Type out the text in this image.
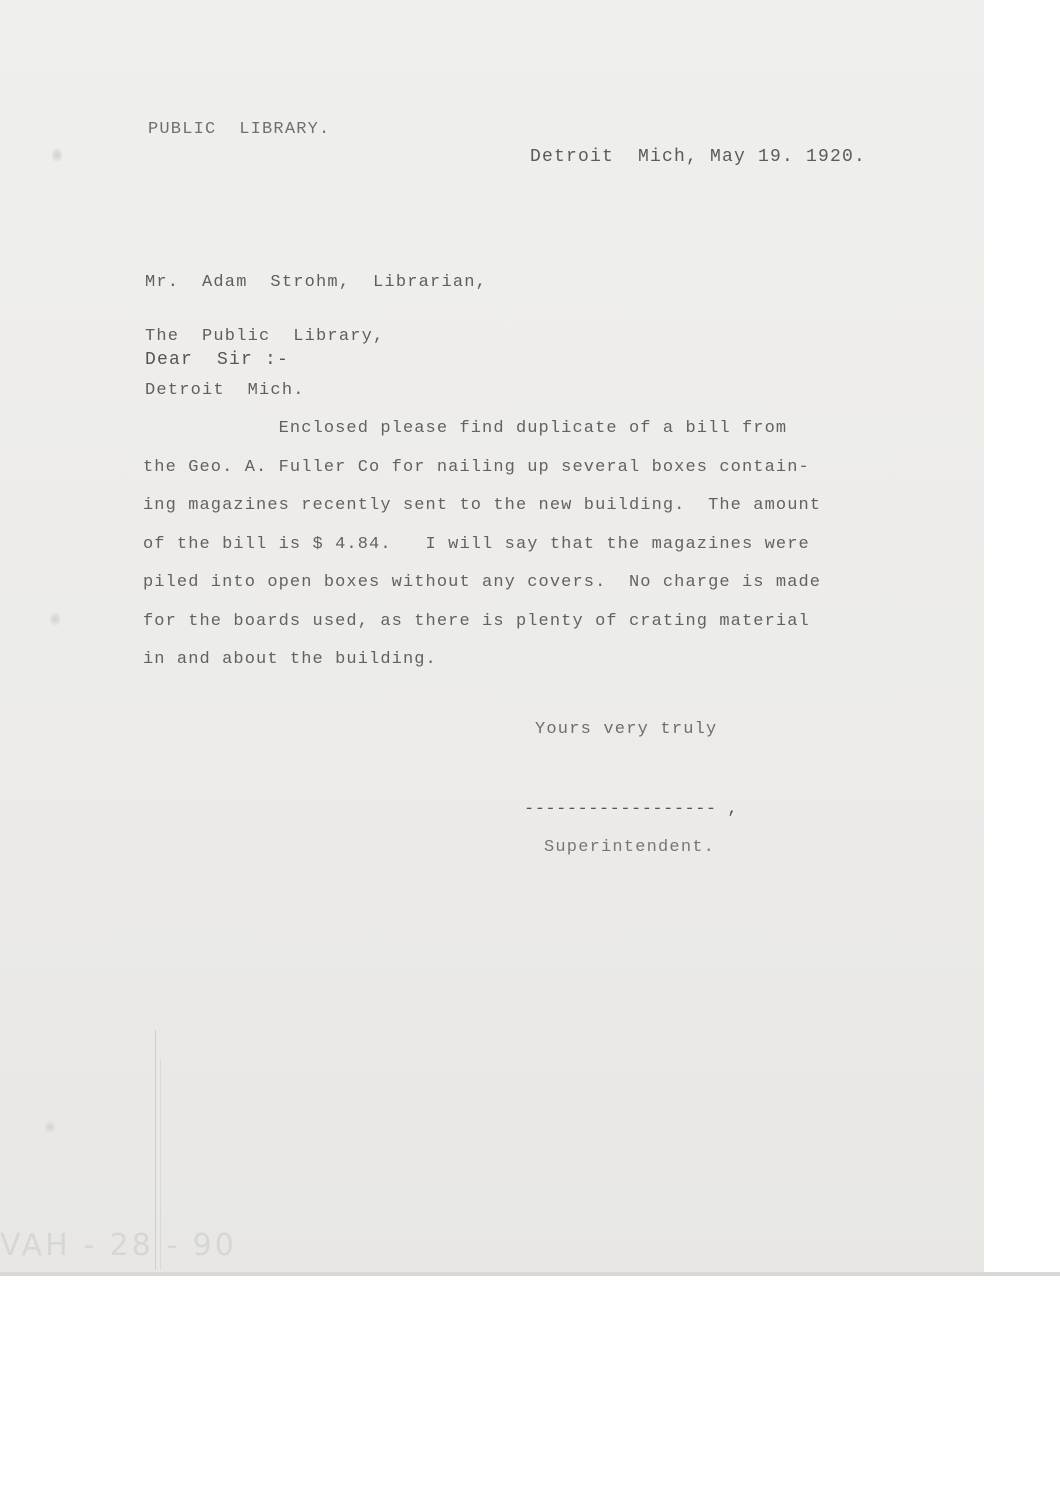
PUBLIC  LIBRARY.

Detroit  Mich, May 19. 1920.

Mr.  Adam  Strohm,  Librarian,

The  Public  Library,

Detroit  Mich.

Dear  Sir :-

Enclosed please find duplicate of a bill from
the Geo. A. Fuller Co for nailing up several boxes contain-
ing magazines recently sent to the new building.  The amount
of the bill is $ 4.84.   I will say that the magazines were
piled into open boxes without any covers.  No charge is made
for the boards used, as there is plenty of crating material
in and about the building.

Yours very truly

------------------ ,

Superintendent.

VAH - 28 - 90
